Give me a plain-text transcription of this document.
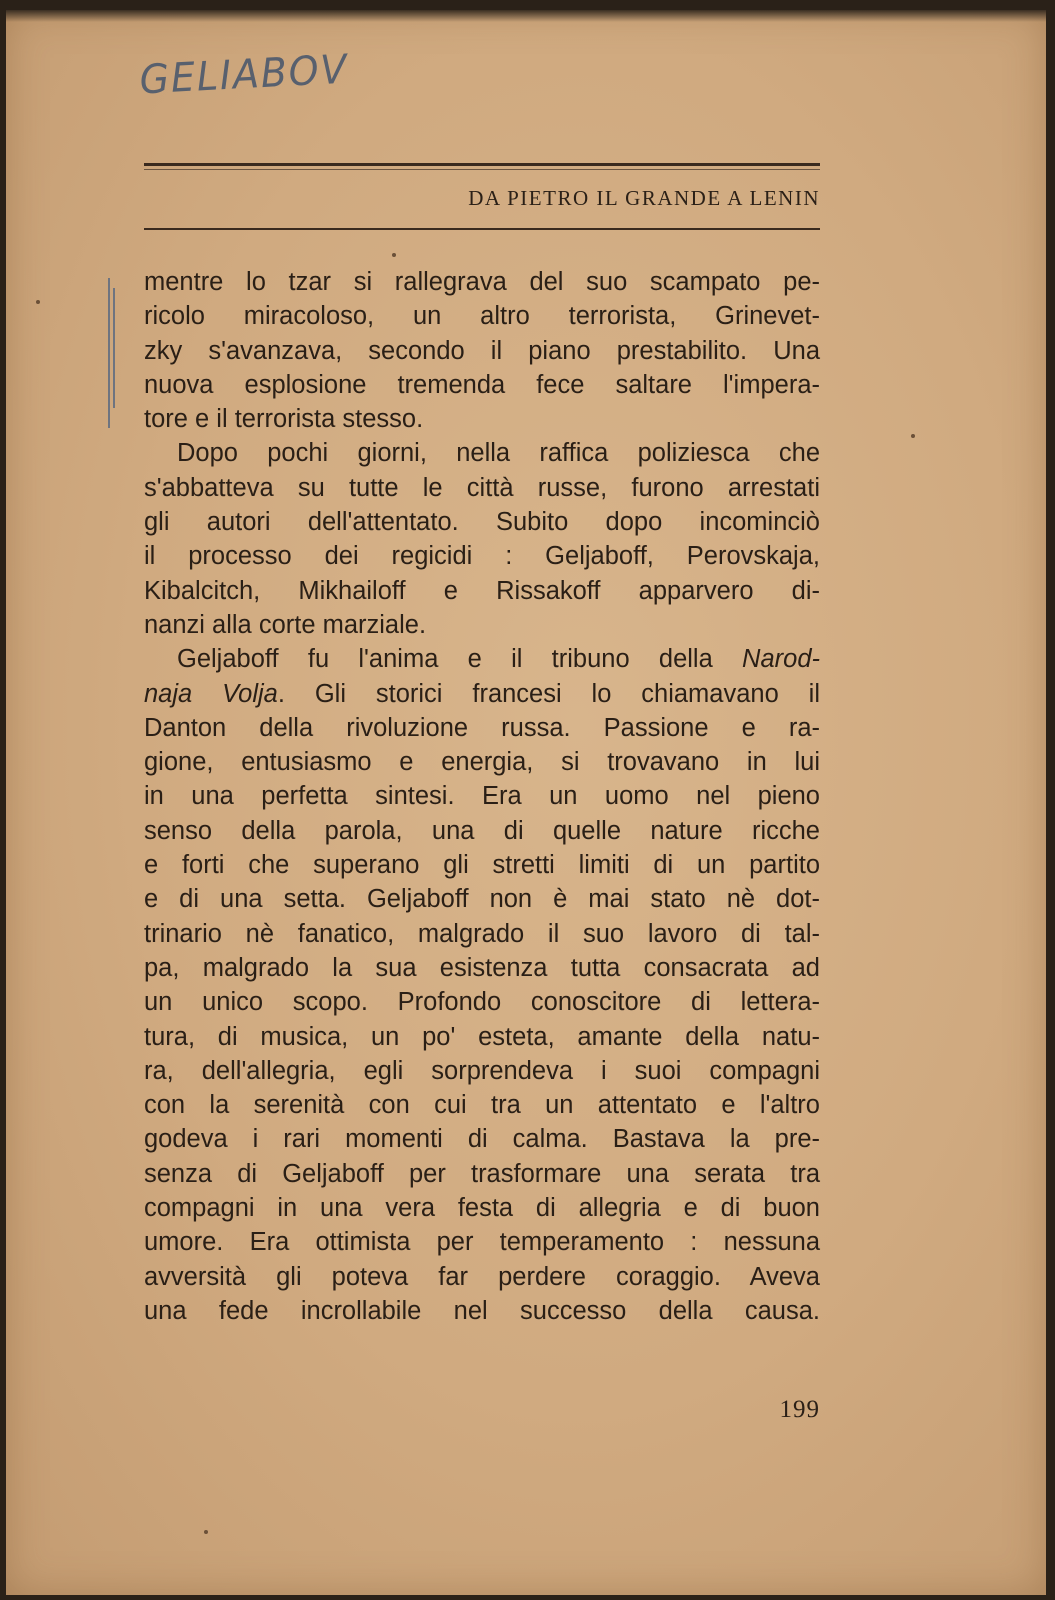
GELIABOV
DA PIETRO IL GRANDE A LENIN
mentre lo tzar si rallegrava del suo scampato pe-
ricolo miracoloso, un altro terrorista, Grinevet-
zky s'avanzava, secondo il piano prestabilito. Una
nuova esplosione tremenda fece saltare l'impera-
tore e il terrorista stesso.
Dopo pochi giorni, nella raffica poliziesca che
s'abbatteva su tutte le città russe, furono arrestati
gli autori dell'attentato. Subito dopo incominciò
il processo dei regicidi : Geljaboff, Perovskaja,
Kibalcitch, Mikhailoff e Rissakoff apparvero di-
nanzi alla corte marziale.
Geljaboff fu l'anima e il tribuno della Narod-
naja Volja. Gli storici francesi lo chiamavano il
Danton della rivoluzione russa. Passione e ra-
gione, entusiasmo e energia, si trovavano in lui
in una perfetta sintesi. Era un uomo nel pieno
senso della parola, una di quelle nature ricche
e forti che superano gli stretti limiti di un partito
e di una setta. Geljaboff non è mai stato nè dot-
trinario nè fanatico, malgrado il suo lavoro di tal-
pa, malgrado la sua esistenza tutta consacrata ad
un unico scopo. Profondo conoscitore di lettera-
tura, di musica, un po' esteta, amante della natu-
ra, dell'allegria, egli sorprendeva i suoi compagni
con la serenità con cui tra un attentato e l'altro
godeva i rari momenti di calma. Bastava la pre-
senza di Geljaboff per trasformare una serata tra
compagni in una vera festa di allegria e di buon
umore. Era ottimista per temperamento : nessuna
avversità gli poteva far perdere coraggio. Aveva
una fede incrollabile nel successo della causa.
199
